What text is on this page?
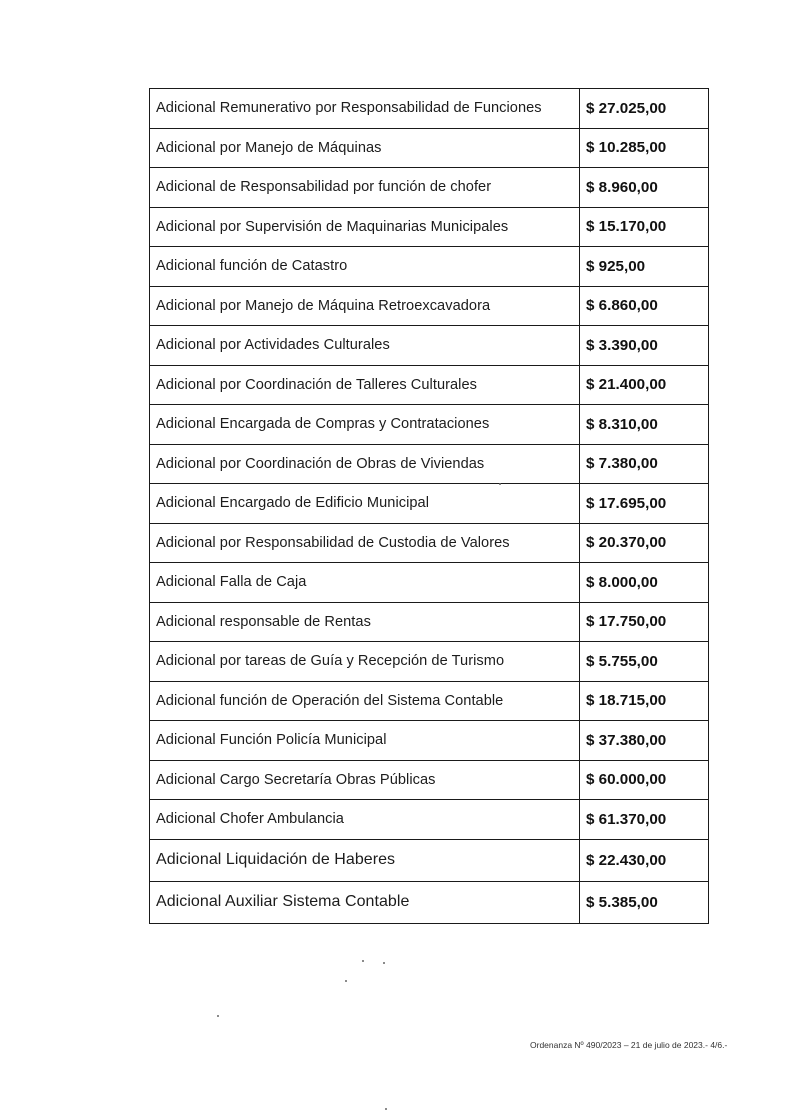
Adicional Remunerativo por Responsabilidad de Funciones	$ 27.025,00
Adicional por Manejo de Máquinas	$ 10.285,00
Adicional de Responsabilidad por función de chofer	$ 8.960,00
Adicional por Supervisión de Maquinarias Municipales	$ 15.170,00
Adicional función de Catastro	$ 925,00
Adicional por Manejo de Máquina Retroexcavadora	$ 6.860,00
Adicional por Actividades Culturales	$ 3.390,00
Adicional por Coordinación de Talleres Culturales	$ 21.400,00
Adicional Encargada de Compras y Contrataciones	$ 8.310,00
Adicional por Coordinación de Obras de Viviendas	$ 7.380,00
Adicional Encargado de Edificio Municipal	$ 17.695,00
Adicional por Responsabilidad de Custodia de Valores	$ 20.370,00
Adicional Falla de Caja	$ 8.000,00
Adicional responsable de Rentas	$ 17.750,00
Adicional por tareas de Guía y Recepción de Turismo	$ 5.755,00
Adicional función de Operación del Sistema Contable	$ 18.715,00
Adicional Función Policía Municipal	$ 37.380,00
Adicional Cargo Secretaría Obras Públicas	$ 60.000,00
Adicional Chofer Ambulancia	$ 61.370,00
Adicional Liquidación de Haberes	$ 22.430,00
Adicional Auxiliar Sistema Contable	$ 5.385,00
Ordenanza Nº 490/2023 – 21 de julio de 2023.- 4/6.-
